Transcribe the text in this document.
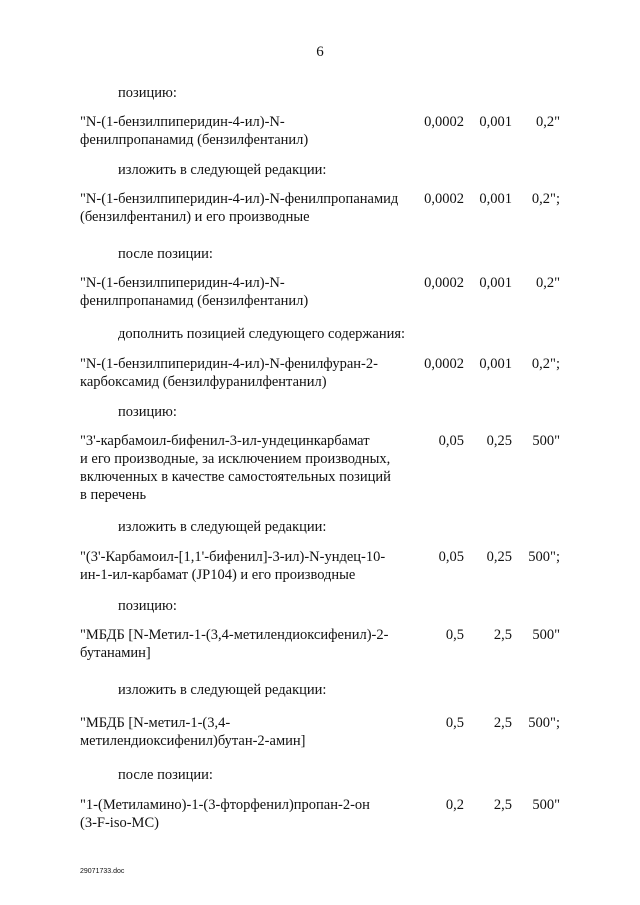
6
позицию:
"N-(1-бензилпиперидин-4-ил)-N-
фенилпропанамид (бензилфентанил)
0,0002	0,001	0,2"
изложить в следующей редакции:
"N-(1-бензилпиперидин-4-ил)-N-фенилпропанамид
(бензилфентанил) и его производные
0,0002	0,001	0,2";
после позиции:
"N-(1-бензилпиперидин-4-ил)-N-
фенилпропанамид (бензилфентанил)
0,0002	0,001	0,2"
дополнить позицией следующего содержания:
"N-(1-бензилпиперидин-4-ил)-N-фенилфуран-2-
карбоксамид (бензилфуранилфентанил)
0,0002	0,001	0,2";
позицию:
"3'-карбамоил-бифенил-3-ил-ундецинкарбамат
и его производные, за исключением производных,
включенных в качестве самостоятельных позиций
в перечень
0,05	0,25	500"
изложить в следующей редакции:
"(3'-Карбамоил-[1,1'-бифенил]-3-ил)-N-ундец-10-
ин-1-ил-карбамат (JP104) и его производные
0,05	0,25	500";
позицию:
"МБДБ [N-Метил-1-(3,4-метилендиоксифенил)-2-
бутанамин]
0,5	2,5	500"
изложить в следующей редакции:
"МБДБ [N-метил-1-(3,4-
метилендиоксифенил)бутан-2-амин]
0,5	2,5	500";
после позиции:
"1-(Метиламино)-1-(3-фторфенил)пропан-2-он
(3-F-iso-MC)
0,2	2,5	500"
29071733.doc
